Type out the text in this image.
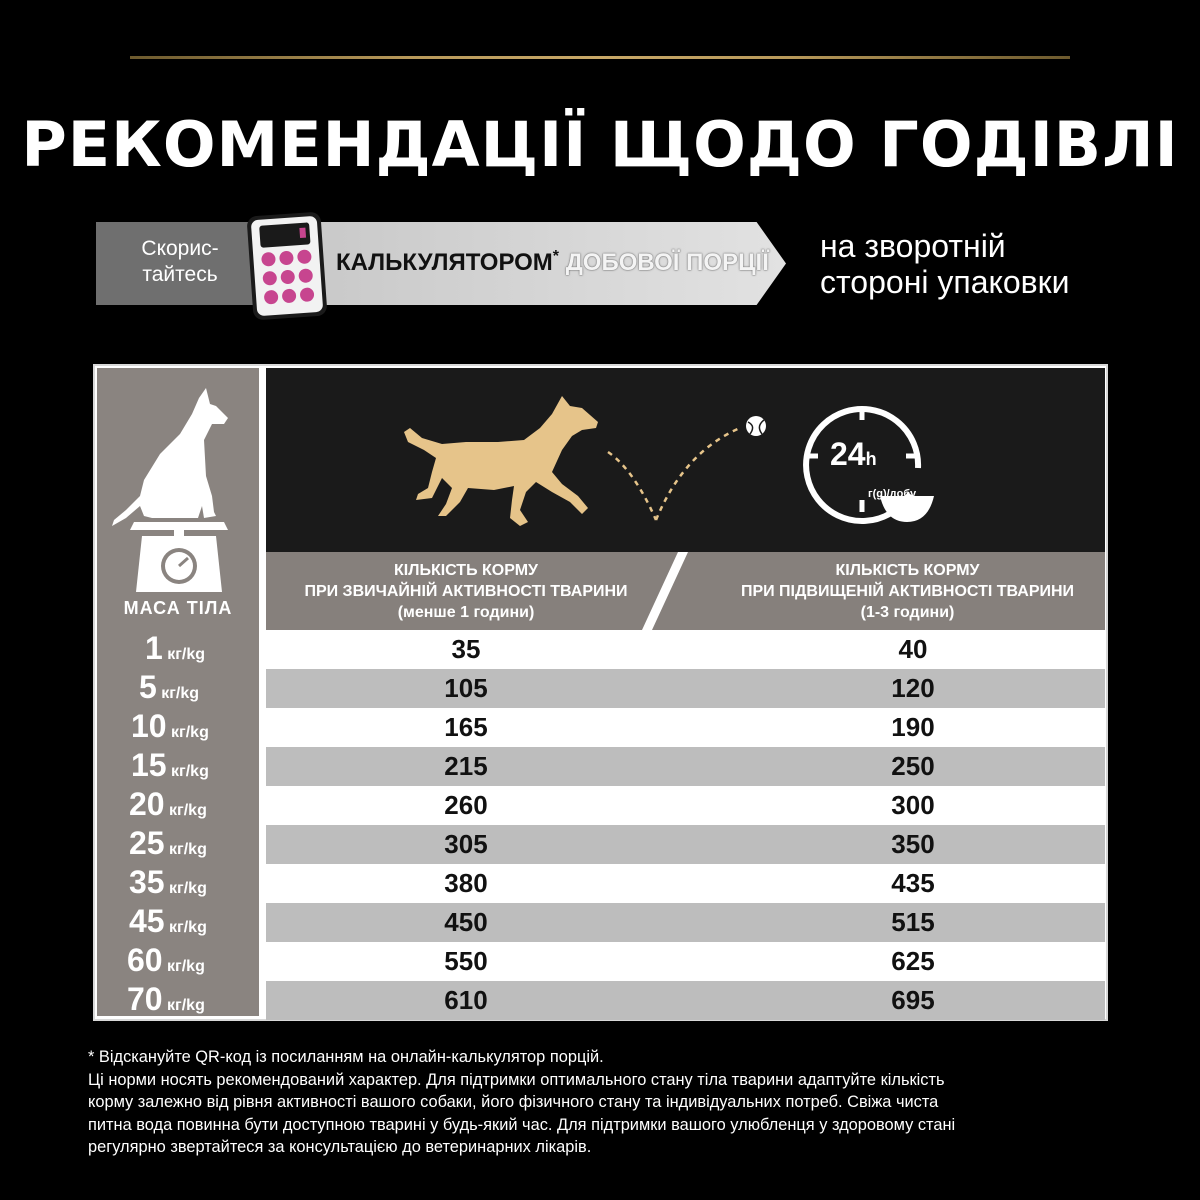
РЕКОМЕНДАЦІЇ ЩОДО ГОДІВЛІ
Скорис-
тайтесь	КАЛЬКУЛЯТОРОМ* ДОБОВОЇ ПОРЦІЇ на зворотній
стороні упаковки
МАСА ТІЛА
24h
г(g)/добу
КІЛЬКІСТЬ КОРМУ
ПРИ ЗВИЧАЙНІЙ АКТИВНОСТІ ТВАРИНИ
(менше 1 години)
КІЛЬКІСТЬ КОРМУ
ПРИ ПІДВИЩЕНІЙ АКТИВНОСТІ ТВАРИНИ
(1-3 години)
35
105
165
215
260
305
380
450
550
610
40
120
190
250
300
350
435
515
625
695
1 кг/kg
5 кг/kg
10 кг/kg
15 кг/kg
20 кг/kg
25 кг/kg
35 кг/kg
45 кг/kg
60 кг/kg
70 кг/kg
* Відскануйте QR-код із посиланням на онлайн-калькулятор порцій.
Ці норми носять рекомендований характер. Для підтримки оптимального стану тіла тварини адаптуйте кількість
корму залежно від рівня активності вашого собаки, його фізичного стану та індивідуальних потреб. Свіжа чиста
питна вода повинна бути доступною тварині у будь-який час. Для підтримки вашого улюбленця у здоровому стані
регулярно звертайтеся за консультацією до ветеринарних лікарів.
